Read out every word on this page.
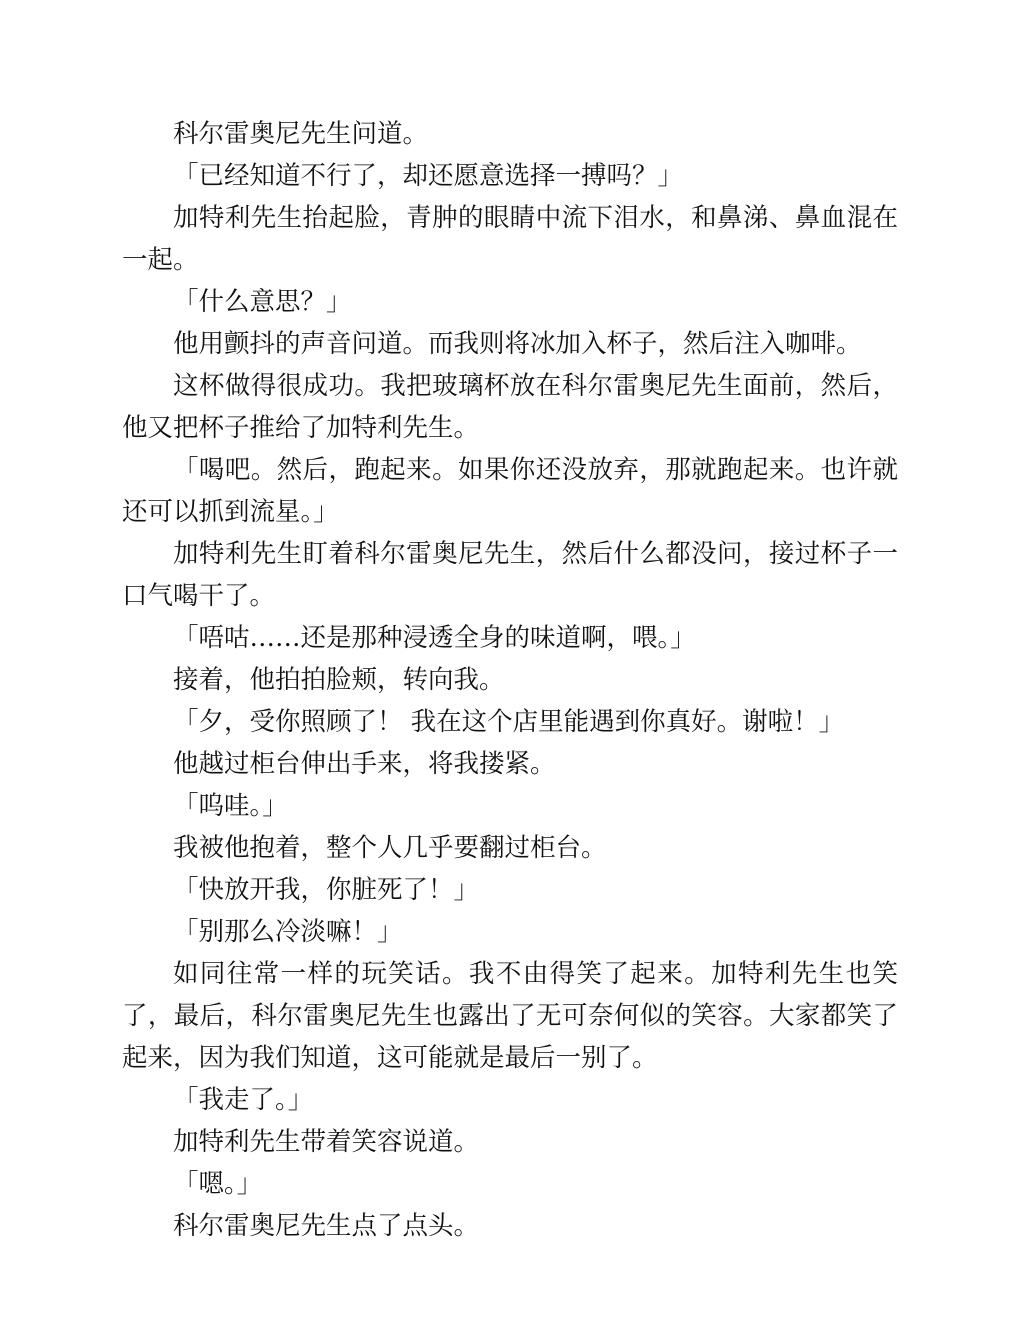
科尔雷奥尼先生问道。

「已经知道不行了，却还愿意选择一搏吗？」

加特利先生抬起脸，青肿的眼睛中流下泪水，和鼻涕、鼻血混在一起。

「什么意思？」

他用颤抖的声音问道。而我则将冰加入杯子，然后注入咖啡。

这杯做得很成功。我把玻璃杯放在科尔雷奥尼先生面前，然后，他又把杯子推给了加特利先生。

「喝吧。然后，跑起来。如果你还没放弃，那就跑起来。也许就还可以抓到流星。」

加特利先生盯着科尔雷奥尼先生，然后什么都没问，接过杯子一口气喝干了。

「唔咕……还是那种浸透全身的味道啊，喂。」

接着，他拍拍脸颊，转向我。

「夕，受你照顾了！ 我在这个店里能遇到你真好。谢啦！」

他越过柜台伸出手来，将我搂紧。

「呜哇。」

我被他抱着，整个人几乎要翻过柜台。

「快放开我，你脏死了！」

「别那么冷淡嘛！」

如同往常一样的玩笑话。我不由得笑了起来。加特利先生也笑了，最后，科尔雷奥尼先生也露出了无可奈何似的笑容。大家都笑了起来，因为我们知道，这可能就是最后一别了。

「我走了。」

加特利先生带着笑容说道。

「嗯。」

科尔雷奥尼先生点了点头。
